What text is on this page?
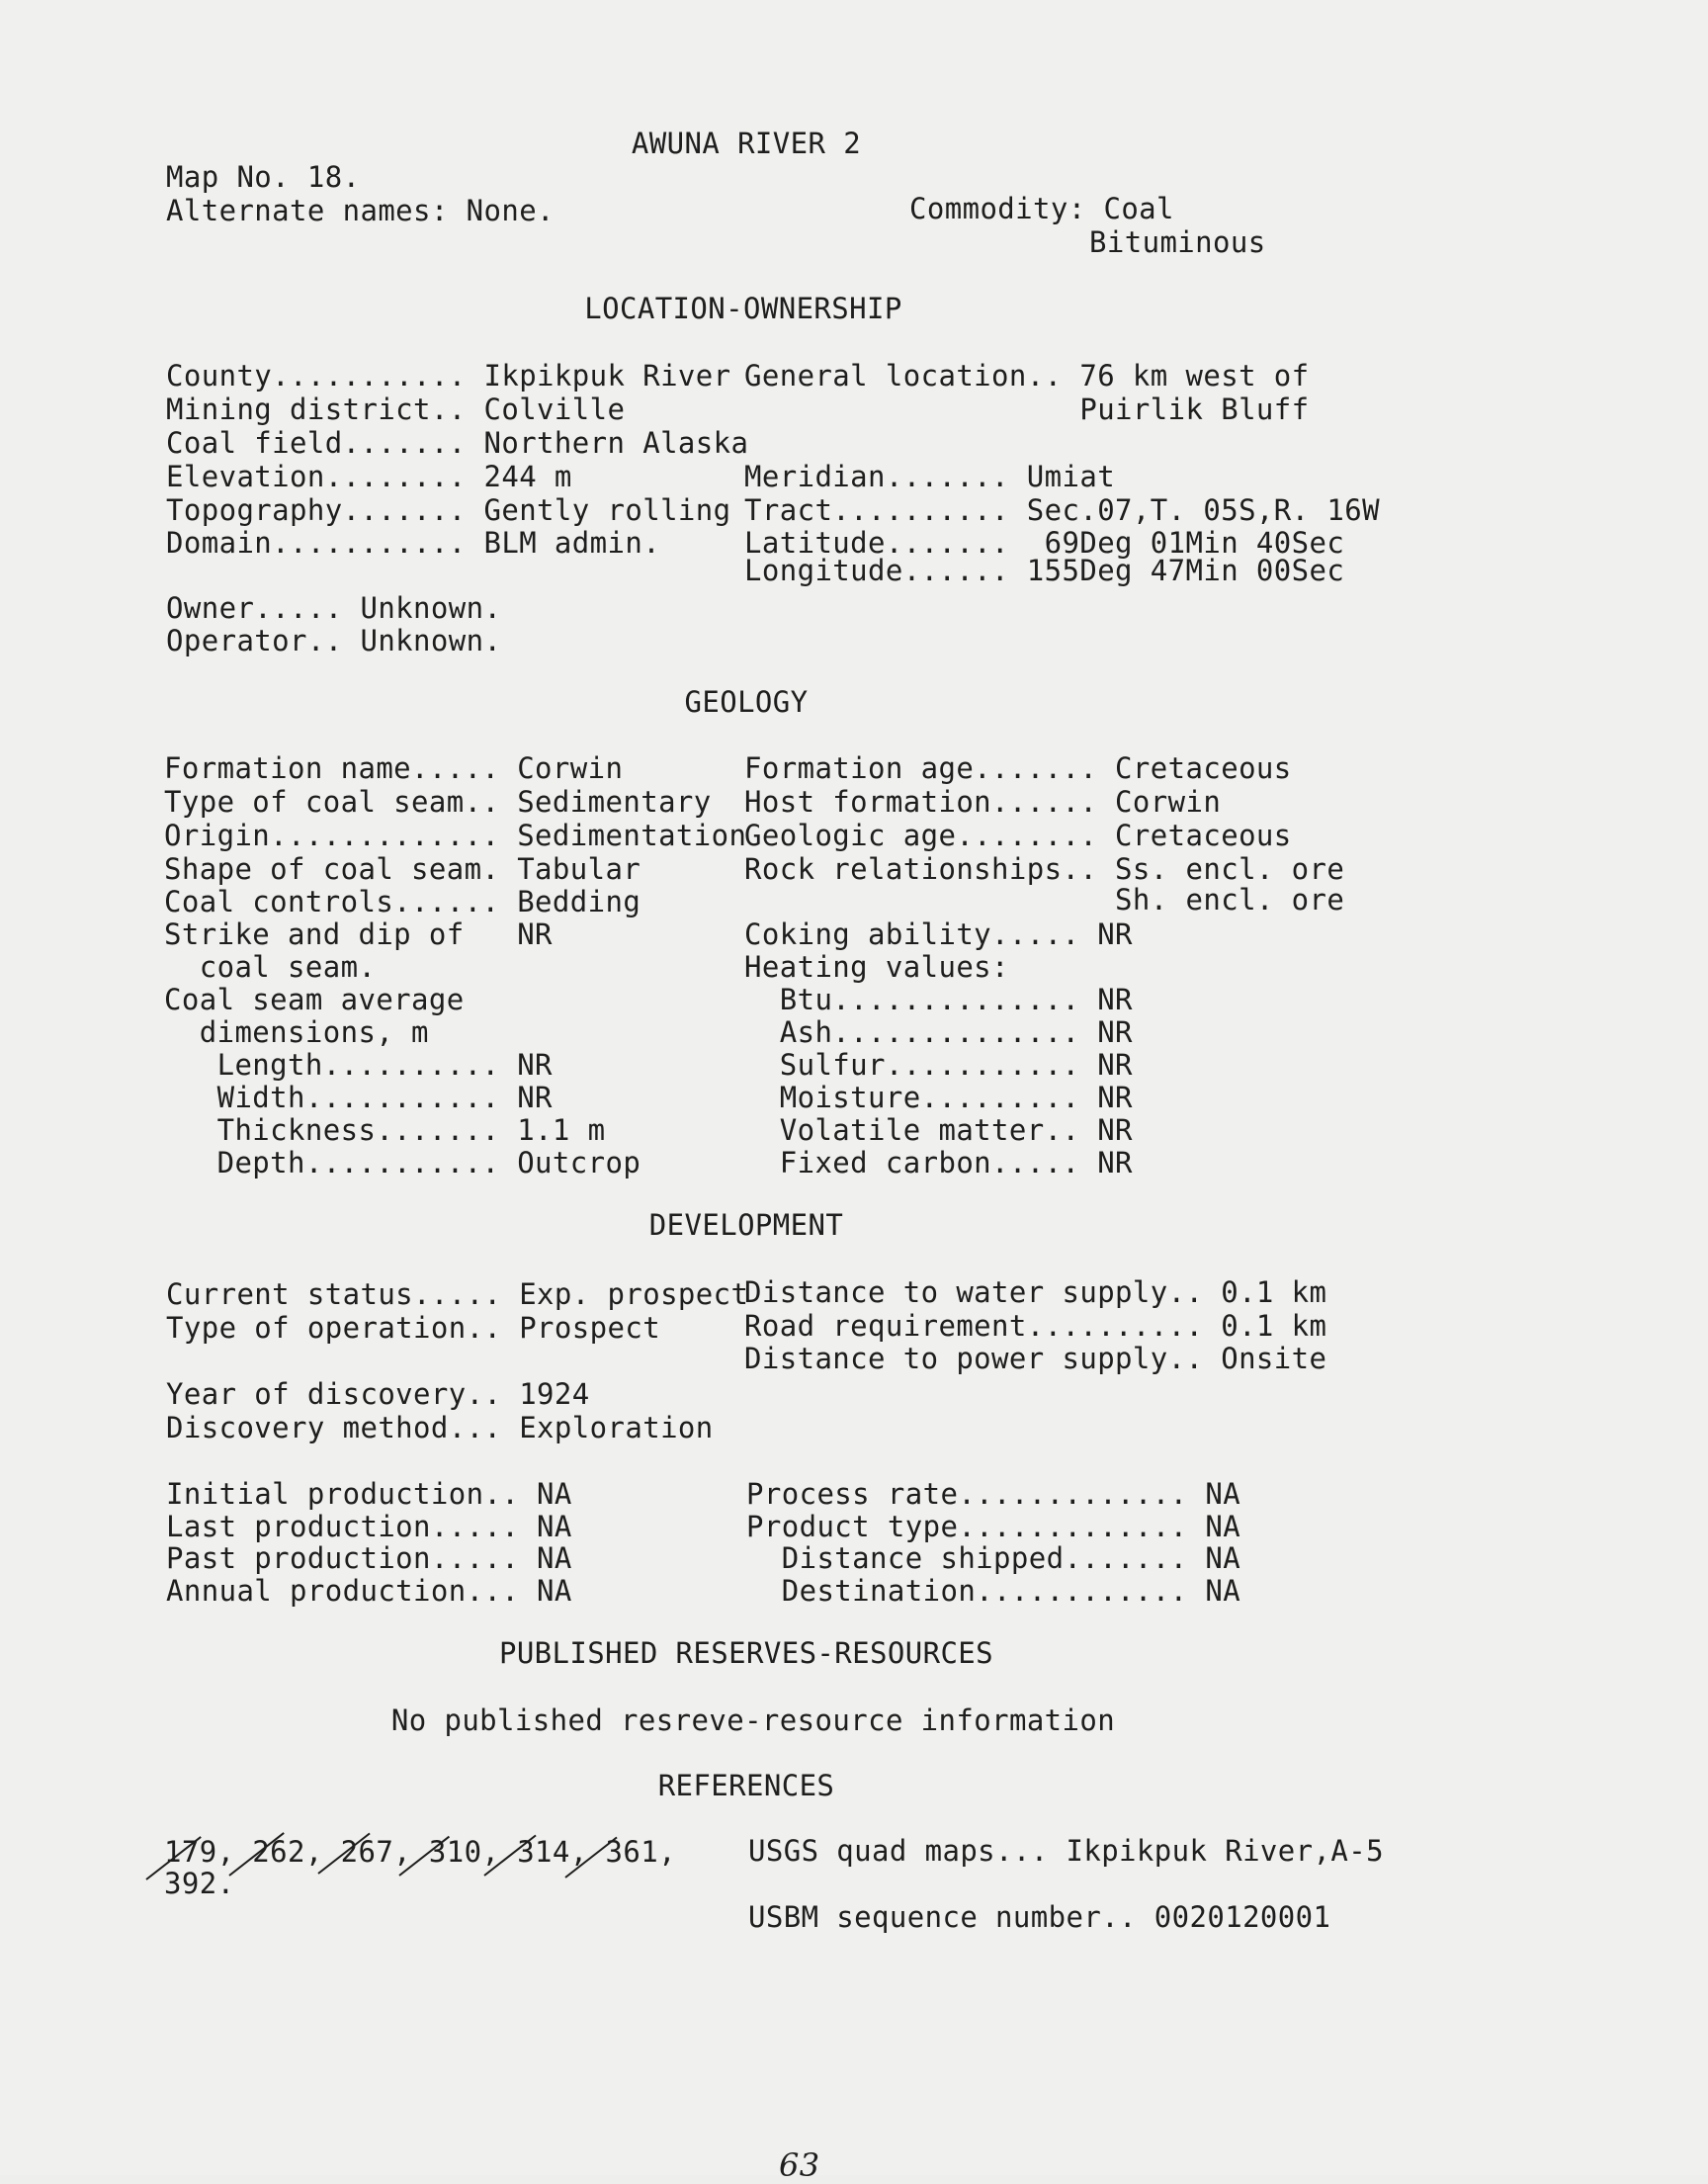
AWUNA RIVER 2
Map No. 18.
Alternate names: None.	Commodity: Coal
Bituminous
LOCATION-OWNERSHIP
County........... Ikpikpuk River
Mining district.. Colville
Coal field....... Northern Alaska
Elevation........ 244 m
Topography....... Gently rolling
Domain........... BLM admin.
General location.. 76 km west of
Puirlik Bluff
Meridian....... Umiat
Tract.......... Sec.07,T. 05S,R. 16W
Latitude.......  69Deg 01Min 40Sec
Longitude...... 155Deg 47Min 00Sec
Owner..... Unknown.
Operator.. Unknown.
GEOLOGY
Formation name..... Corwin
Type of coal seam.. Sedimentary
Origin............. Sedimentation
Shape of coal seam. Tabular
Coal controls...... Bedding
Strike and dip of   NR
coal seam.
Coal seam average
dimensions, m
Length.......... NR
Width........... NR
Thickness....... 1.1 m
Depth........... Outcrop
Formation age....... Cretaceous
Host formation...... Corwin
Geologic age........ Cretaceous
Rock relationships.. Ss. encl. ore
Sh. encl. ore
Coking ability..... NR
Heating values:
Btu.............. NR
Ash.............. NR
Sulfur........... NR
Moisture......... NR
Volatile matter.. NR
Fixed carbon..... NR
DEVELOPMENT
Current status..... Exp. prospect
Type of operation.. Prospect
Year of discovery.. 1924
Discovery method... Exploration
Distance to water supply.. 0.1 km
Road requirement.......... 0.1 km
Distance to power supply.. Onsite
Initial production.. NA
Last production..... NA
Past production..... NA
Annual production... NA
Process rate............. NA
Product type............. NA
Distance shipped....... NA
Destination............ NA
PUBLISHED RESERVES-RESOURCES
No published resreve-resource information
REFERENCES
179, 262, 267, 310, 314, 361,
392.
USGS quad maps... Ikpikpuk River,A-5
USBM sequence number.. 0020120001
63
